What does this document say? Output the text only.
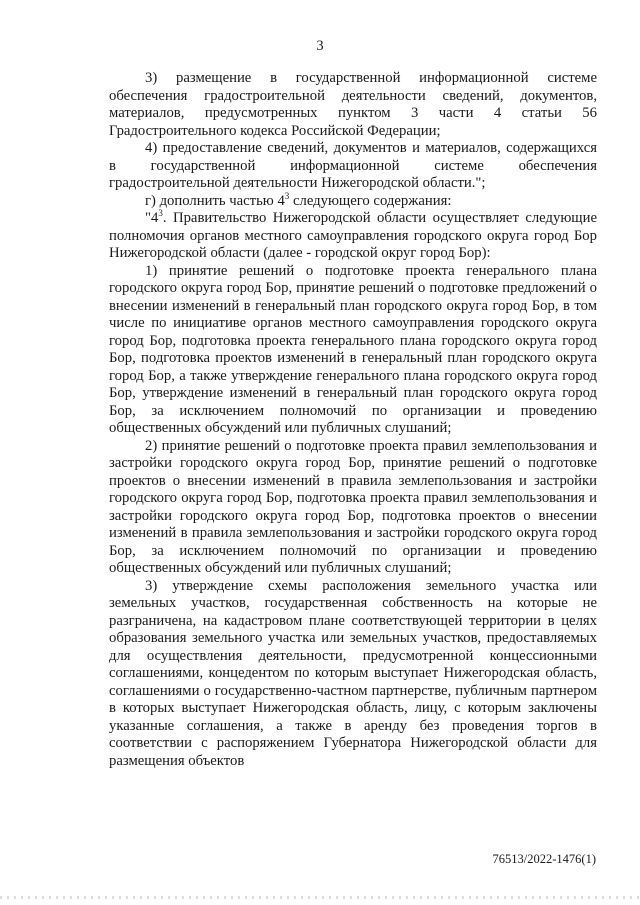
3

3) размещение в государственной информационной системе обеспечения градостроительной деятельности сведений, документов, материалов, предусмотренных пунктом 3 части 4 статьи 56 Градостроительного кодекса Российской Федерации;

4) предоставление сведений, документов и материалов, содержащихся в государственной информационной системе обеспечения градостроительной деятельности Нижегородской области.";

г) дополнить частью $4^3$ следующего содержания:

"$4^3$. Правительство Нижегородской области осуществляет следующие полномочия органов местного самоуправления городского округа город Бор Нижегородской области (далее - городской округ город Бор):

1) принятие решений о подготовке проекта генерального плана городского округа город Бор, принятие решений о подготовке предложений о внесении изменений в генеральный план городского округа город Бор, в том числе по инициативе органов местного самоуправления городского округа город Бор, подготовка проекта генерального плана городского округа город Бор, подготовка проектов изменений в генеральный план городского округа город Бор, а также утверждение генерального плана городского округа город Бор, утверждение изменений в генеральный план городского округа город Бор, за исключением полномочий по организации и проведению общественных обсуждений или публичных слушаний;

2) принятие решений о подготовке проекта правил землепользования и застройки городского округа город Бор, принятие решений о подготовке проектов о внесении изменений в правила землепользования и застройки городского округа город Бор, подготовка проекта правил землепользования и застройки городского округа город Бор, подготовка проектов о внесении изменений в правила землепользования и застройки городского округа город Бор, за исключением полномочий по организации и проведению общественных обсуждений или публичных слушаний;

3) утверждение схемы расположения земельного участка или земельных участков, государственная собственность на которые не разграничена, на кадастровом плане соответствующей территории в целях образования земельного участка или земельных участков, предоставляемых для осуществления деятельности, предусмотренной концессионными соглашениями, концедентом по которым выступает Нижегородская область, соглашениями о государственно-частном партнерстве, публичным партнером в которых выступает Нижегородская область, лицу, с которым заключены указанные соглашения, а также в аренду без проведения торгов в соответствии с распоряжением Губернатора Нижегородской области для размещения объектов

76513/2022-1476(1)
